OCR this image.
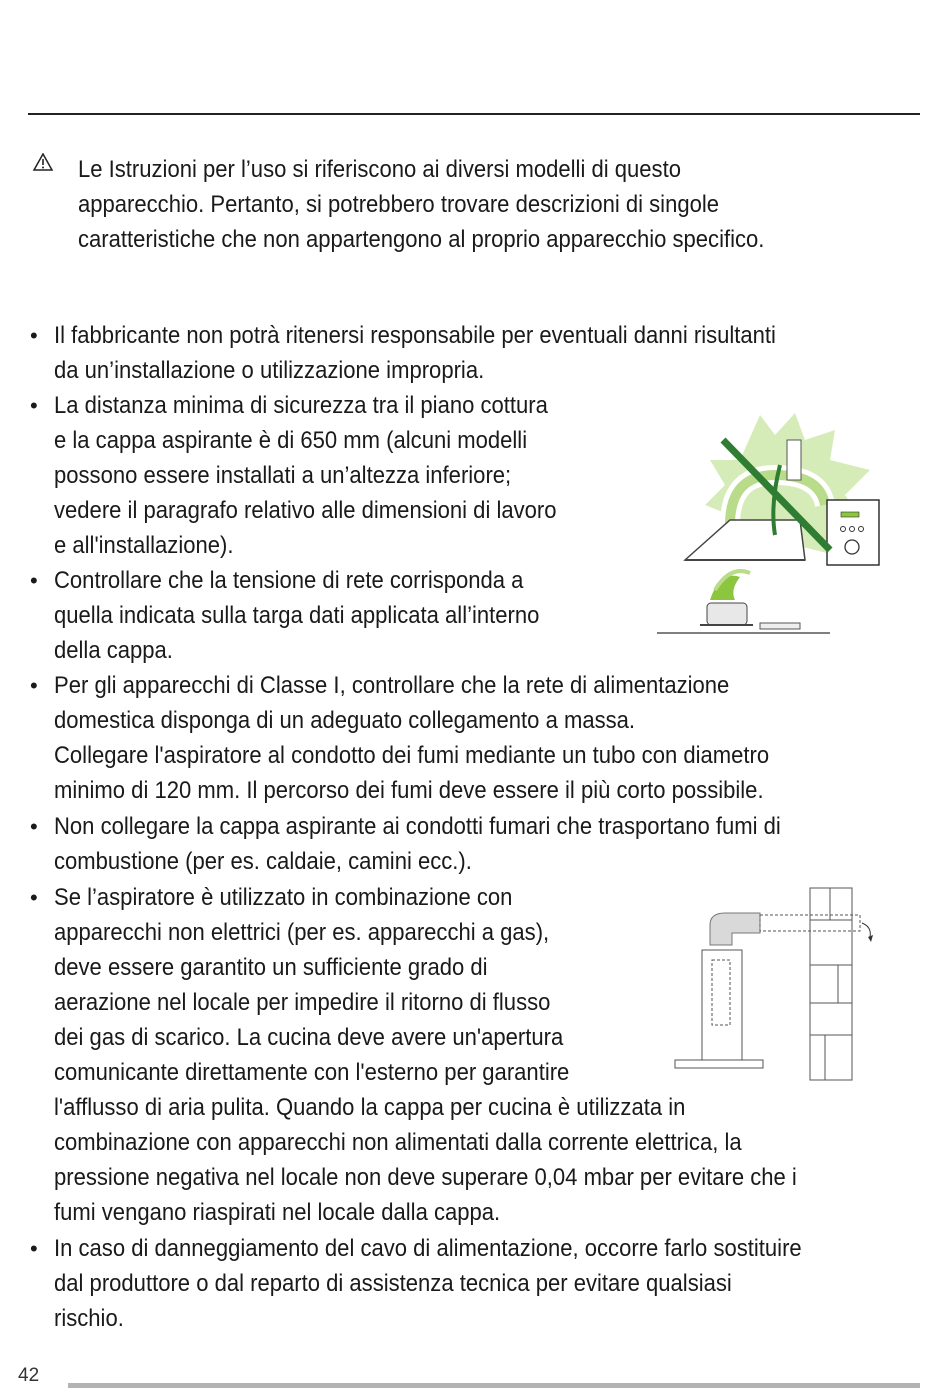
Le Istruzioni per l’uso si riferiscono ai diversi modelli di questo
apparecchio. Pertanto, si potrebbero trovare descrizioni di singole
caratteristiche che non appartengono al proprio apparecchio specifico.
• Il fabbricante non potrà ritenersi responsabile per eventuali danni risultanti
da un’installazione o utilizzazione impropria.
• La distanza minima di sicurezza tra il piano cottura
e la cappa aspirante è di 650 mm (alcuni modelli
possono essere installati a un’altezza inferiore;
vedere il paragrafo relativo alle dimensioni di lavoro
e all'installazione).
• Controllare che la tensione di rete corrisponda a
quella indicata sulla targa dati applicata all’interno
della cappa.
• Per gli apparecchi di Classe I, controllare che la rete di alimentazione
domestica disponga di un adeguato collegamento a massa.
Collegare l'aspiratore al condotto dei fumi mediante un tubo con diametro
minimo di 120 mm. Il percorso dei fumi deve essere il più corto possibile.
• Non collegare la cappa aspirante ai condotti fumari che trasportano fumi di
combustione (per es. caldaie, camini ecc.).
• Se l’aspiratore è utilizzato in combinazione con
apparecchi non elettrici (per es. apparecchi a gas),
deve essere garantito un sufficiente grado di
aerazione nel locale per impedire il ritorno di flusso
dei gas di scarico. La cucina deve avere un'apertura
comunicante direttamente con l'esterno per garantire
l'afflusso di aria pulita. Quando la cappa per cucina è utilizzata in
combinazione con apparecchi non alimentati dalla corrente elettrica, la
pressione negativa nel locale non deve superare 0,04 mbar per evitare che i
fumi vengano riaspirati nel locale dalla cappa.
• In caso di danneggiamento del cavo di alimentazione, occorre farlo sostituire
dal produttore o dal reparto di assistenza tecnica per evitare qualsiasi
rischio.
42
